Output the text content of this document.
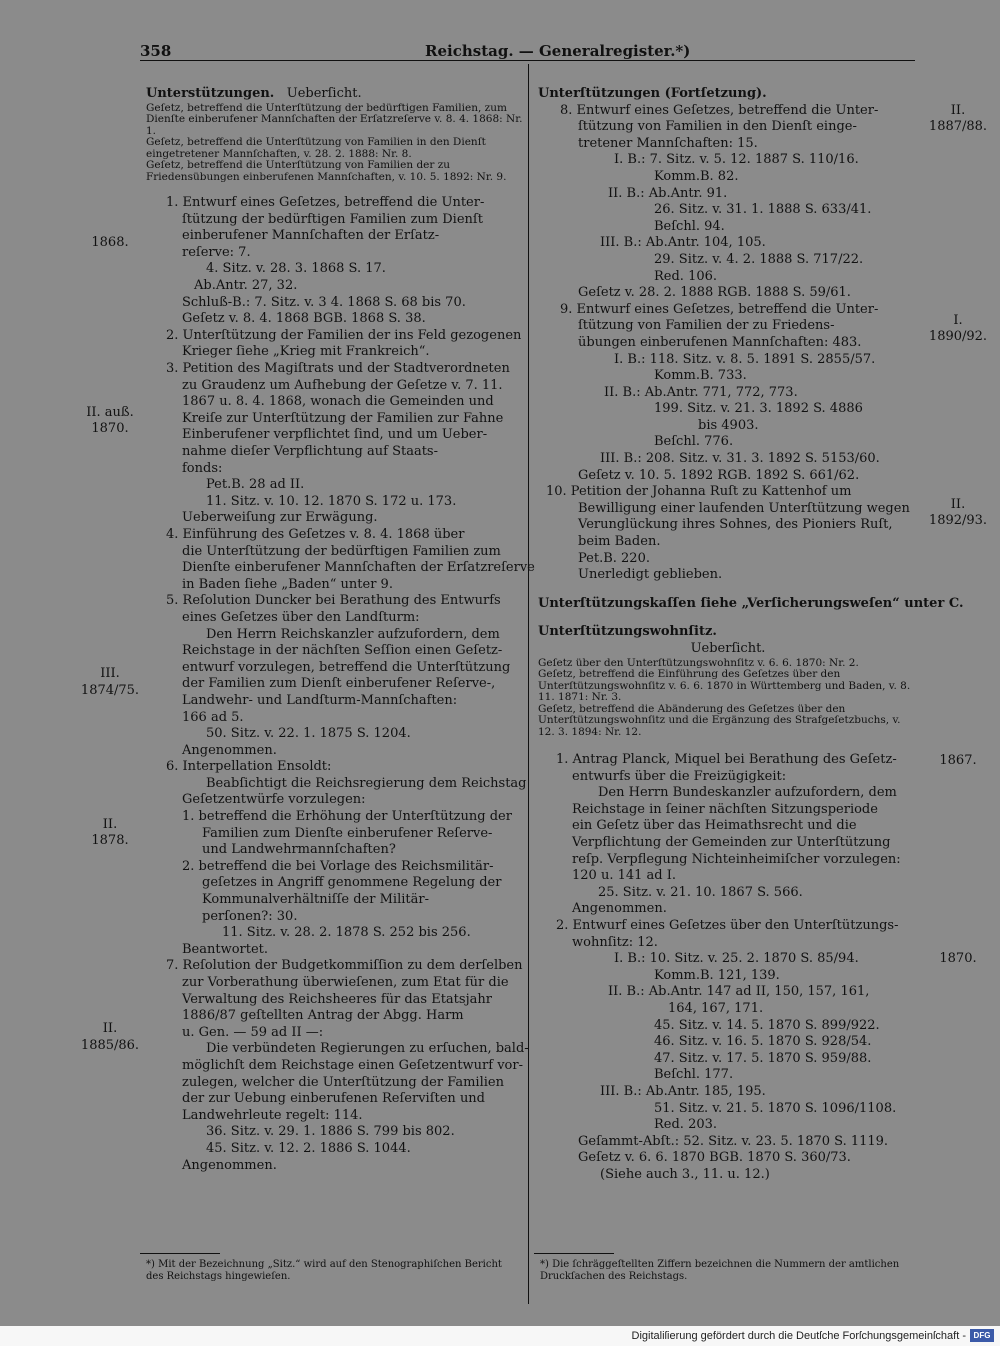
358	Reichstag. — Generalregister.*)

Unterstützungen. Ueberſicht.

Geſetz, betreffend die Unterſtützung der bedürftigen Familien, zum Dienſte einberufener Mannſchaften der Erſatzreſerve v. 8. 4. 1868: Nr. 1.

Geſetz, betreffend die Unterſtützung von Familien in den Dienſt eingetretener Mannſchaften, v. 28. 2. 1888: Nr. 8.

Geſetz, betreffend die Unterſtützung von Familien der zu Friedensübungen einberufenen Mannſchaften, v. 10. 5. 1892: Nr. 9.

1. Entwurf eines Geſetzes, betreffend die Unter-

ſtützung der bedürftigen Familien zum Dienſt

einberufener Mannſchaften der Erſatz-

reſerve: 7.

4. Sitz. v. 28. 3. 1868 S. 17.

Ab.Antr. 27, 32.

Schluß-B.: 7. Sitz. v. 3 4. 1868 S. 68 bis 70.

Geſetz v. 8. 4. 1868 BGB. 1868 S. 38.

2. Unterſtützung der Familien der ins Feld gezogenen

Krieger ſiehe „Krieg mit Frankreich“.

3. Petition des Magiſtrats und der Stadtverordneten

zu Graudenz um Aufhebung der Geſetze v. 7. 11.

1867 u. 8. 4. 1868, wonach die Gemeinden und

Kreiſe zur Unterſtützung der Familien zur Fahne

Einberufener verpflichtet ſind, und um Ueber-

nahme dieſer Verpflichtung auf Staats-

fonds:

Pet.B. 28 ad II.

11. Sitz. v. 10. 12. 1870 S. 172 u. 173.

Ueberweiſung zur Erwägung.

4. Einführung des Geſetzes v. 8. 4. 1868 über

die Unterſtützung der bedürftigen Familien zum

Dienſte einberufener Mannſchaften der Erſatzreſerve

in Baden ſiehe „Baden“ unter 9.

5. Reſolution Duncker bei Berathung des Entwurfs

eines Geſetzes über den Landſturm:

Den Herrn Reichskanzler aufzufordern, dem

Reichstage in der nächſten Seſſion einen Geſetz-

entwurf vorzulegen, betreffend die Unterſtützung

der Familien zum Dienſt einberufener Reſerve-,

Landwehr- und Landſturm-Mannſchaften:

166 ad 5.

50. Sitz. v. 22. 1. 1875 S. 1204.

Angenommen.

6. Interpellation Ensoldt:

Beabſichtigt die Reichsregierung dem Reichstag

Geſetzentwürfe vorzulegen:

1. betreffend die Erhöhung der Unterſtützung der

Familien zum Dienſte einberufener Reſerve-

und Landwehrmannſchaften?

2. betreffend die bei Vorlage des Reichsmilitär-

geſetzes in Angriff genommene Regelung der

Kommunalverhältniſſe der Militär-

perſonen?: 30.

11. Sitz. v. 28. 2. 1878 S. 252 bis 256.

Beantwortet.

7. Reſolution der Budgetkommiſſion zu dem derſelben

zur Vorberathung überwieſenen, zum Etat für die

Verwaltung des Reichsheeres für das Etatsjahr

1886/87 geſtellten Antrag der Abgg. Harm

u. Gen. — 59 ad II —:

Die verbündeten Regierungen zu erſuchen, bald-

möglichſt dem Reichstage einen Geſetzentwurf vor-

zulegen, welcher die Unterſtützung der Familien

der zur Uebung einberufenen Reſerviſten und

Landwehrleute regelt: 114.

36. Sitz. v. 29. 1. 1886 S. 799 bis 802.

45. Sitz. v. 12. 2. 1886 S. 1044.

Angenommen.

Unterſtützungen (Fortſetzung).

8. Entwurf eines Geſetzes, betreffend die Unter-

ſtützung von Familien in den Dienſt einge-

tretener Mannſchaften: 15.

I. B.: 7. Sitz. v. 5. 12. 1887 S. 110/16.

Komm.B. 82.

II. B.: Ab.Antr. 91.

26. Sitz. v. 31. 1. 1888 S. 633/41.

Beſchl. 94.

III. B.: Ab.Antr. 104, 105.

29. Sitz. v. 4. 2. 1888 S. 717/22.

Red. 106.

Geſetz v. 28. 2. 1888 RGB. 1888 S. 59/61.

9. Entwurf eines Geſetzes, betreffend die Unter-

ſtützung von Familien der zu Friedens-

übungen einberufenen Mannſchaften: 483.

I. B.: 118. Sitz. v. 8. 5. 1891 S. 2855/57.

Komm.B. 733.

II. B.: Ab.Antr. 771, 772, 773.

199. Sitz. v. 21. 3. 1892 S. 4886

bis 4903.

Beſchl. 776.

III. B.: 208. Sitz. v. 31. 3. 1892 S. 5153/60.

Geſetz v. 10. 5. 1892 RGB. 1892 S. 661/62.

10. Petition der Johanna Ruſt zu Kattenhof um

Bewilligung einer laufenden Unterſtützung wegen

Verunglückung ihres Sohnes, des Pioniers Ruſt,

beim Baden.

Pet.B. 220.

Unerledigt geblieben.

Unterſtützungskaſſen ſiehe „Verſicherungsweſen“ unter C.

Unterſtützungswohnſitz.

Ueberſicht.

Geſetz über den Unterſtützungswohnſitz v. 6. 6. 1870: Nr. 2.

Geſetz, betreffend die Einführung des Geſetzes über den Unterſtützungswohnſitz v. 6. 6. 1870 in Württemberg und Baden, v. 8. 11. 1871: Nr. 3.

Geſetz, betreffend die Abänderung des Geſetzes über den Unterſtützungswohnſitz und die Ergänzung des Strafgeſetzbuchs, v. 12. 3. 1894: Nr. 12.

1. Antrag Planck, Miquel bei Berathung des Geſetz-

entwurfs über die Freizügigkeit:

Den Herrn Bundeskanzler aufzufordern, dem

Reichstage in ſeiner nächſten Sitzungsperiode

ein Geſetz über das Heimathsrecht und die

Verpflichtung der Gemeinden zur Unterſtützung

reſp. Verpflegung Nichteinheimiſcher vorzulegen:

120 u. 141 ad I.

25. Sitz. v. 21. 10. 1867 S. 566.

Angenommen.

2. Entwurf eines Geſetzes über den Unterſtützungs-

wohnſitz: 12.

I. B.: 10. Sitz. v. 25. 2. 1870 S. 85/94.

Komm.B. 121, 139.

II. B.: Ab.Antr. 147 ad II, 150, 157, 161,

164, 167, 171.

45. Sitz. v. 14. 5. 1870 S. 899/922.

46. Sitz. v. 16. 5. 1870 S. 928/54.

47. Sitz. v. 17. 5. 1870 S. 959/88.

Beſchl. 177.

III. B.: Ab.Antr. 185, 195.

51. Sitz. v. 21. 5. 1870 S. 1096/1108.

Red. 203.

Geſammt-Abſt.: 52. Sitz. v. 23. 5. 1870 S. 1119.

Geſetz v. 6. 6. 1870 BGB. 1870 S. 360/73.

(Siehe auch 3., 11. u. 12.)

*) Mit der Bezeichnung „Sitz.“ wird auf den Stenographiſchen Bericht des Reichstags hingewieſen.
*) Die ſchräggeſtellten Ziffern bezeichnen die Nummern der amtlichen Druckſachen des Reichstags.
1868.
II. auß.
1870.
III.
1874/75.
II.
1878.
II.
1885/86.
II.
1887/88.
I.
1890/92.
II.
1892/93.
1867.
1870.
Digitaliſierung gefördert durch die Deutſche Forſchungsgemeinſchaft - DFG
